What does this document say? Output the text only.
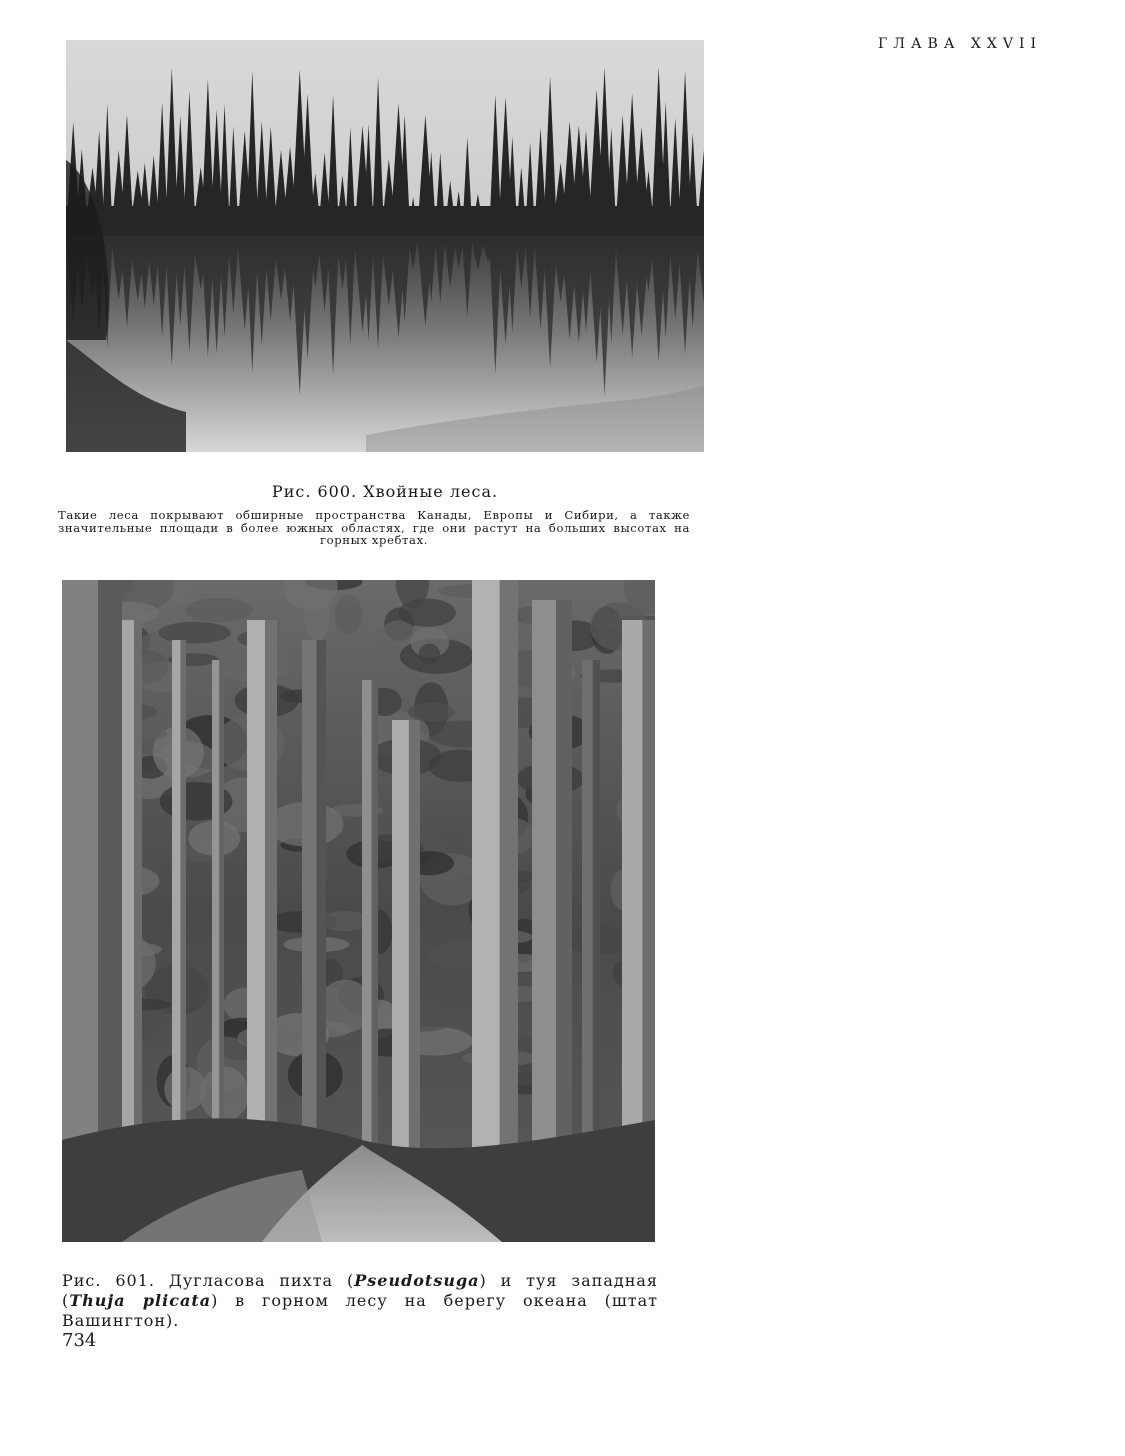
ГЛАВА XXVII
Рис. 600. Хвойные леса.
Такие леса покрывают обширные пространства Канады, Европы и Сибири, а также значительные площади в более южных областях, где они растут на больших высотах на горных хребтах.
Рис. 601. Дугласова пихта (Pseudotsuga) и туя западная (Thuja plicata) в горном лесу на берегу океана (штат Вашингтон).
734
